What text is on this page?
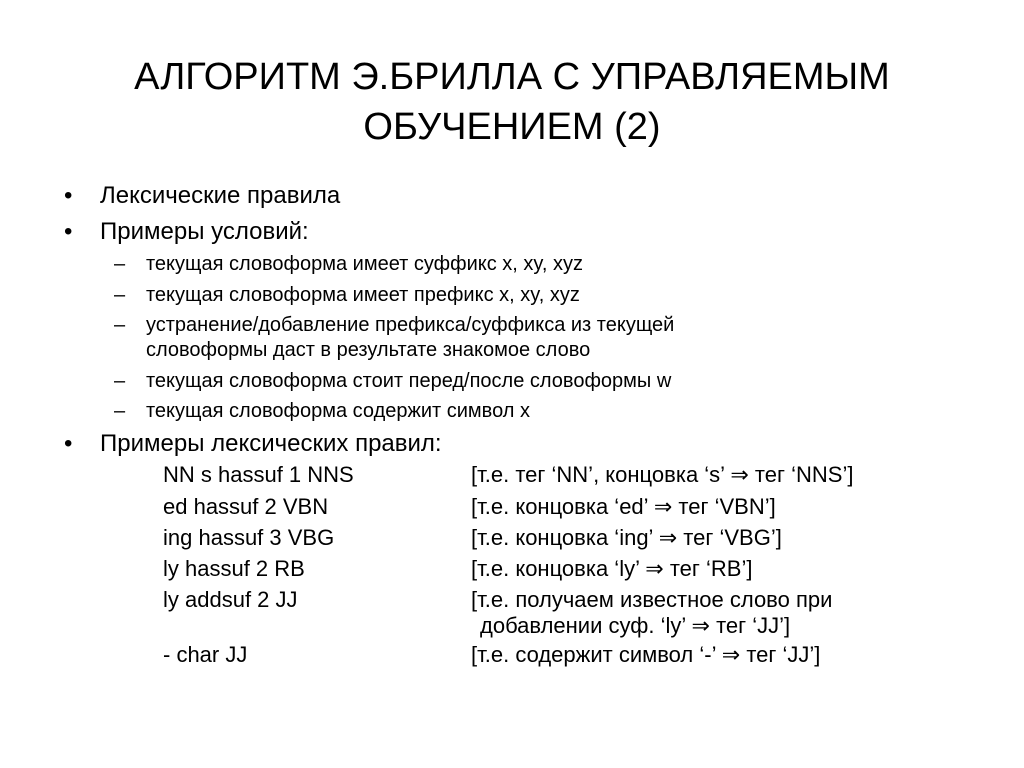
АЛГОРИТМ Э.БРИЛЛА С УПРАВЛЯЕМЫМ
ОБУЧЕНИЕМ (2)
• Лексические правила
• Примеры условий:
– текущая словоформа имеет суффикс x, xy, xyz
– текущая словоформа имеет префикс x, xy, xyz
– устранение/добавление префикса/суффикса из текущей
словоформы даст в результате знакомое слово
– текущая словоформа стоит перед/после словоформы w
– текущая словоформа содержит символ x
• Примеры лексических правил:
NN s hassuf 1 NNS	[т.е. тег ‘NN’, концовка ‘s’ ⇒ тег ‘NNS’]
ed hassuf 2 VBN	[т.е. концовка ‘ed’ ⇒ тег ‘VBN’]
ing hassuf 3 VBG	[т.е. концовка ‘ing’ ⇒ тег ‘VBG’]
ly hassuf 2 RB	[т.е. концовка ‘ly’ ⇒ тег ‘RB’]
ly addsuf 2 JJ	[т.е. получаем известное слово при
добавлении суф. ‘ly’ ⇒ тег ‘JJ’]
- char JJ	[т.е. содержит символ ‘-’ ⇒ тег ‘JJ’]
